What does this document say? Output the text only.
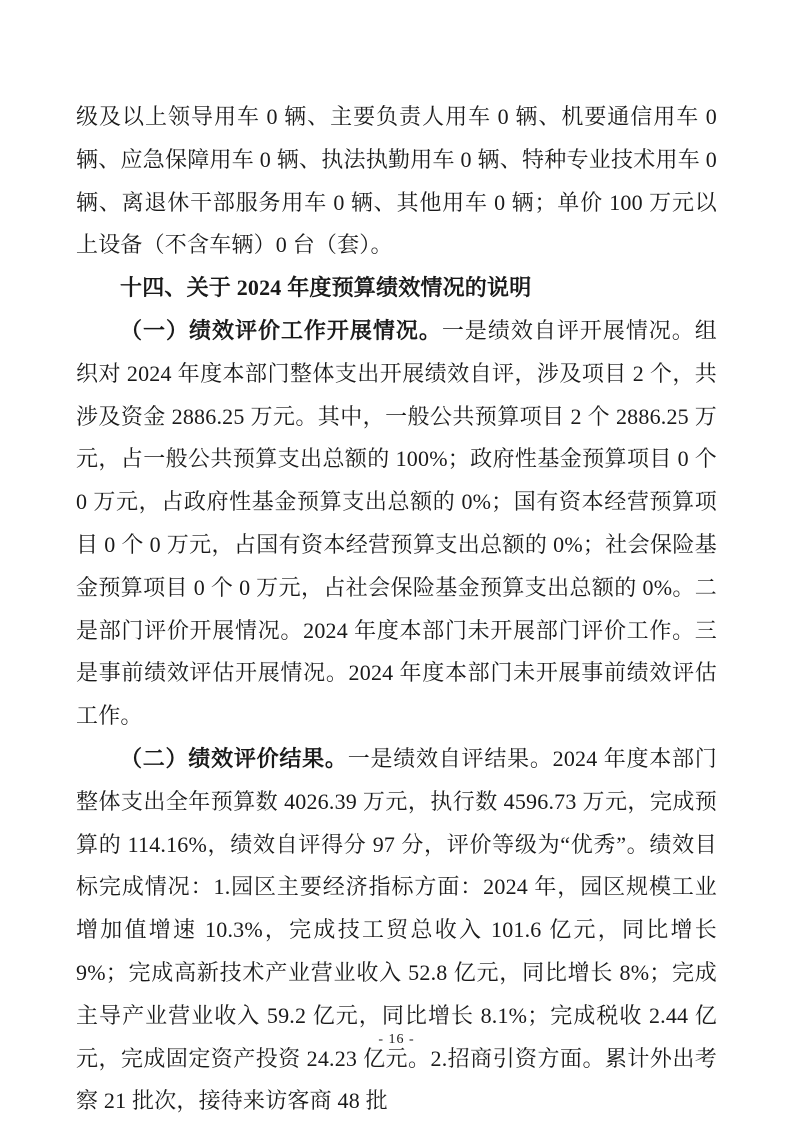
级及以上领导用车 0 辆、主要负责人用车 0 辆、机要通信用车 0 辆、应急保障用车 0 辆、执法执勤用车 0 辆、特种专业技术用车 0 辆、离退休干部服务用车 0 辆、其他用车 0 辆；单价 100 万元以上设备（不含车辆）0 台（套）。

十四、关于 2024 年度预算绩效情况的说明

（一）绩效评价工作开展情况。一是绩效自评开展情况。组织对 2024 年度本部门整体支出开展绩效自评，涉及项目 2 个，共涉及资金 2886.25 万元。其中，一般公共预算项目 2 个 2886.25 万元，占一般公共预算支出总额的 100%；政府性基金预算项目 0 个 0 万元，占政府性基金预算支出总额的 0%；国有资本经营预算项目 0 个 0 万元，占国有资本经营预算支出总额的 0%；社会保险基金预算项目 0 个 0 万元，占社会保险基金预算支出总额的 0%。二是部门评价开展情况。2024 年度本部门未开展部门评价工作。三是事前绩效评估开展情况。2024 年度本部门未开展事前绩效评估工作。

（二）绩效评价结果。一是绩效自评结果。2024 年度本部门整体支出全年预算数 4026.39 万元，执行数 4596.73 万元，完成预算的 114.16%，绩效自评得分 97 分，评价等级为“优秀”。绩效目标完成情况：1.园区主要经济指标方面：2024 年，园区规模工业增加值增速 10.3%，完成技工贸总收入 101.6 亿元，同比增长 9%；完成高新技术产业营业收入 52.8 亿元，同比增长 8%；完成主导产业营业收入 59.2 亿元，同比增长 8.1%；完成税收 2.44 亿元，完成固定资产投资 24.23 亿元。2.招商引资方面。累计外出考察 21 批次，接待来访客商 48 批

- 16 -
